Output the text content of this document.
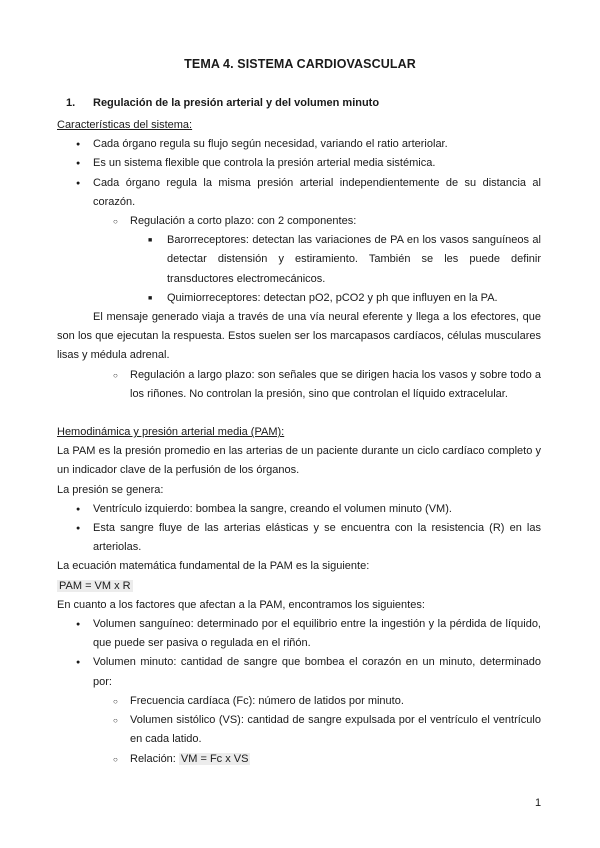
TEMA 4. SISTEMA CARDIOVASCULAR
1. Regulación de la presión arterial y del volumen minuto

Características del sistema:

● Cada órgano regula su flujo según necesidad, variando el ratio arteriolar.
● Es un sistema flexible que controla la presión arterial media sistémica.
● Cada órgano regula la misma presión arterial independientemente de su distancia al corazón.
○ Regulación a corto plazo: con 2 componentes:
■ Barorreceptores: detectan las variaciones de PA en los vasos sanguíneos al detectar distensión y estiramiento. También se les puede definir transductores electromecánicos.
■ Quimiorreceptores: detectan pO2, pCO2 y ph que influyen en la PA.

El mensaje generado viaja a través de una vía neural eferente y llega a los efectores, que son los que ejecutan la respuesta. Estos suelen ser los marcapasos cardíacos, células musculares lisas y médula adrenal.

○ Regulación a largo plazo: son señales que se dirigen hacia los vasos y sobre todo a los riñones. No controlan la presión, sino que controlan el líquido extracelular.

Hemodinámica y presión arterial media (PAM):

La PAM es la presión promedio en las arterias de un paciente durante un ciclo cardíaco completo y un indicador clave de la perfusión de los órganos.

La presión se genera:

● Ventrículo izquierdo: bombea la sangre, creando el volumen minuto (VM).
● Esta sangre fluye de las arterias elásticas y se encuentra con la resistencia (R) en las arteriolas.

La ecuación matemática fundamental de la PAM es la siguiente:

PAM = VM x R

En cuanto a los factores que afectan a la PAM, encontramos los siguientes:

● Volumen sanguíneo: determinado por el equilibrio entre la ingestión y la pérdida de líquido, que puede ser pasiva o regulada en el riñón.
● Volumen minuto: cantidad de sangre que bombea el corazón en un minuto, determinado por:
○ Frecuencia cardíaca (Fc): número de latidos por minuto.
○ Volumen sistólico (VS): cantidad de sangre expulsada por el ventrículo el ventrículo en cada latido.
○ Relación: VM = Fc x VS
1
